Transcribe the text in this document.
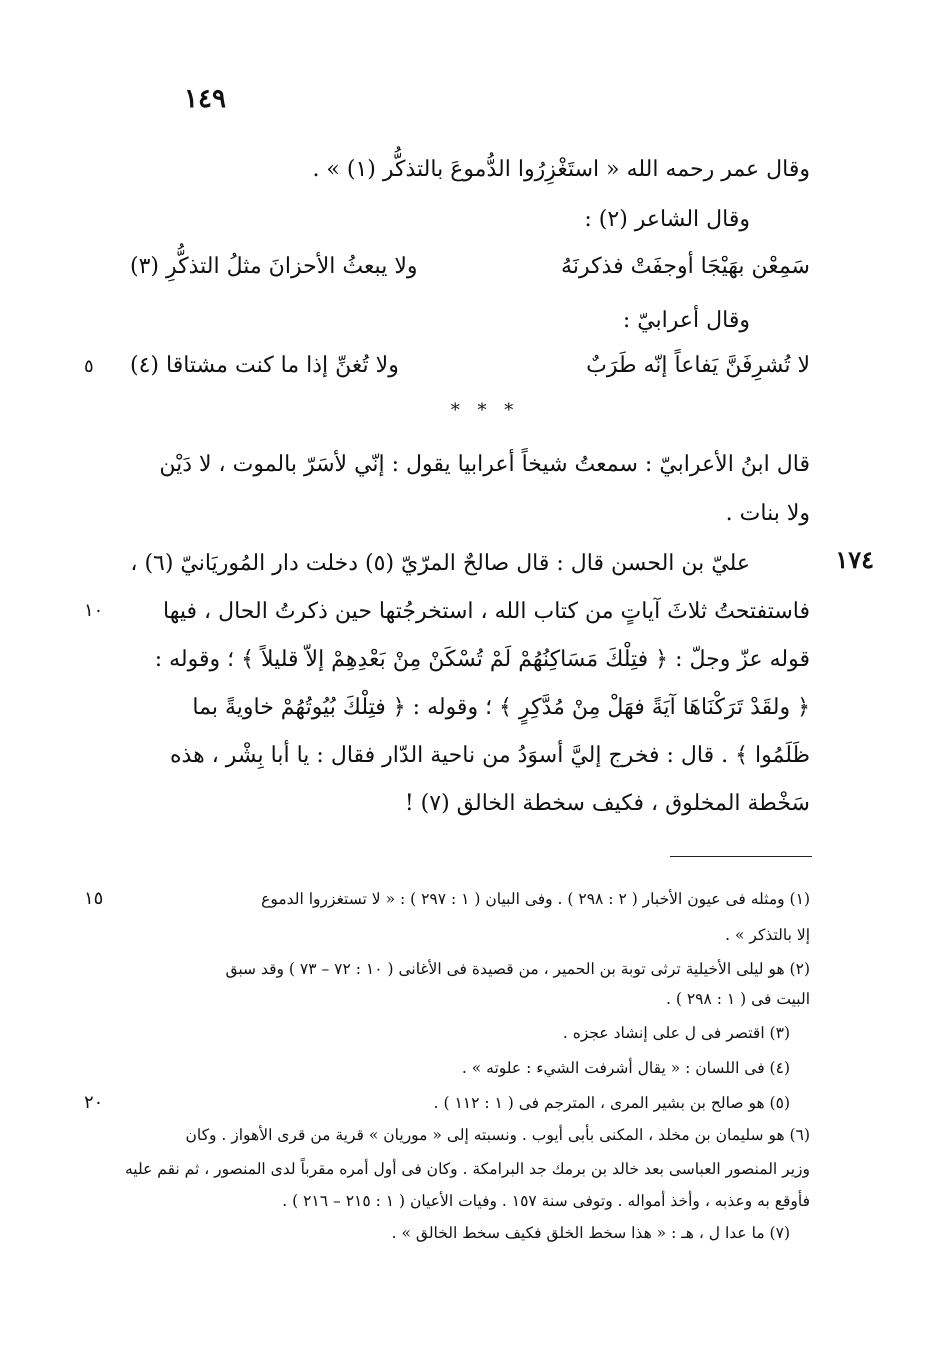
١٤٩
وقال عمر رحمه الله « استَغْزِرُوا الدُّموعَ بالتذكُّر (١) » .
وقال الشاعر (٢) :
سَمِعْن بهَيْجَا أوجفَتْ فذكرنَهُ
ولا يبعثُ الأحزانَ مثلُ التذكُّرِ (٣)
وقال أعرابيّ :
لا تُشرِفَنَّ يَفاعاً إنّه طَرَبٌ
ولا تُغنِّ إذا ما كنت مشتاقا (٤)
٥
* * *
قال ابنُ الأعرابيّ : سمعتُ شيخاً أعرابيا يقول : إنّي لأسَرّ بالموت ، لا دَيْن
ولا بنات .
١٧٤
عليّ بن الحسن قال : قال صالحٌ المرّيّ (٥) دخلت دار المُوريَانيّ (٦) ،
فاستفتحتُ ثلاثَ آياتٍ من كتاب الله ، استخرجُتها حين ذكرتُ الحال ، فيها
١٠
قوله عزّ وجلّ : ﴿ فتِلْكَ مَسَاكِنُهُمْ لَمْ تُسْكَنْ مِنْ بَعْدِهِمْ إلاّ قليلاً ﴾ ؛ وقوله :
﴿ ولقَدْ تَرَكْنَاهَا آيَةً فهَلْ مِنْ مُدَّكِرٍ ﴾ ؛ وقوله : ﴿ فتِلْكَ بُيُوتُهُمْ خاويةً بما
ظَلَمُوا ﴾ . قال : فخرج إليَّ أسوَدُ من ناحية الدّار فقال : يا أبا بِشْر ، هذه
سَخْطة المخلوق ، فكيف سخطة الخالق (٧) !
(١) ومثله فى عيون الأخبار ( ٢ : ٢٩٨ ) . وفى البيان ( ١ : ٢٩٧ ) : « لا تستغزروا الدموع
١٥
إلا بالتذكر » .
(٢) هو ليلى الأخيلية ترثى توبة بن الحمير ، من قصيدة فى الأغانى ( ١٠ : ٧٢ – ٧٣ ) وقد سبق
البيت فى ( ١ : ٢٩٨ ) .
(٣) اقتصر فى ل على إنشاد عجزه .
(٤) فى اللسان : « يقال أشرفت الشيء : علوته » .
(٥) هو صالح بن بشير المرى ، المترجم فى ( ١ : ١١٢ ) .
٢٠
(٦) هو سليمان بن مخلد ، المكنى بأبى أيوب . ونسبته إلى « موريان » قرية من قرى الأهواز . وكان
وزير المنصور العباسى بعد خالد بن برمك جد البرامكة . وكان فى أول أمره مقرباً لدى المنصور ، ثم نقم عليه
فأوقع به وعذبه ، وأخذ أمواله . وتوفى سنة ١٥٧ . وفيات الأعيان ( ١ : ٢١٥ – ٢١٦ ) .
(٧) ما عدا ل ، هـ : « هذا سخط الخلق فكيف سخط الخالق » .
